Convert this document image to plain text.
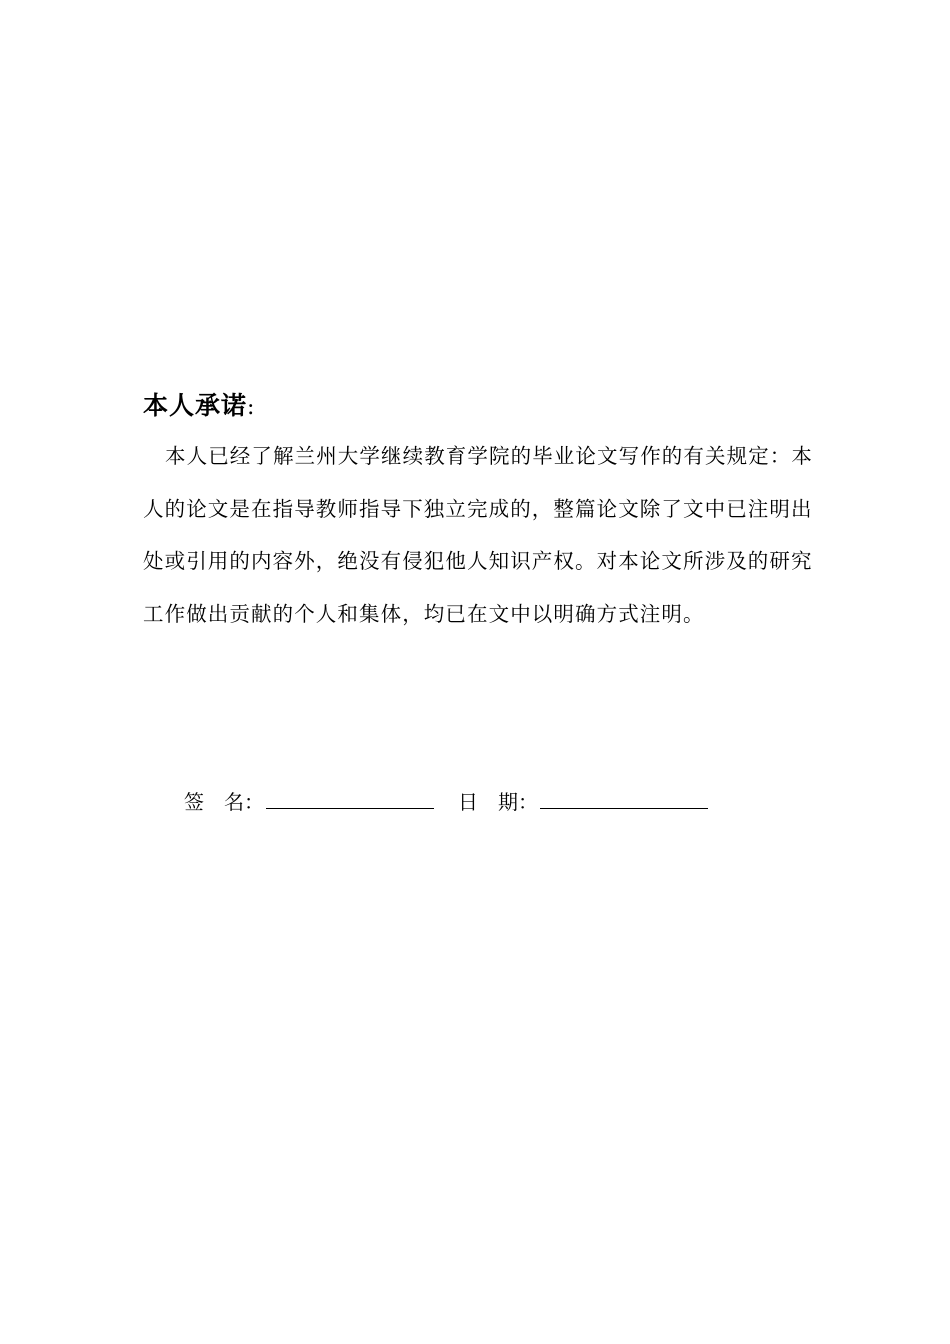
本人承诺:

本人已经了解兰州大学继续教育学院的毕业论文写作的有关规定：本人的论文是在指导教师指导下独立完成的，整篇论文除了文中已注明出处或引用的内容外，绝没有侵犯他人知识产权。对本论文所涉及的研究工作做出贡献的个人和集体，均已在文中以明确方式注明。

签　名：	日　期：
